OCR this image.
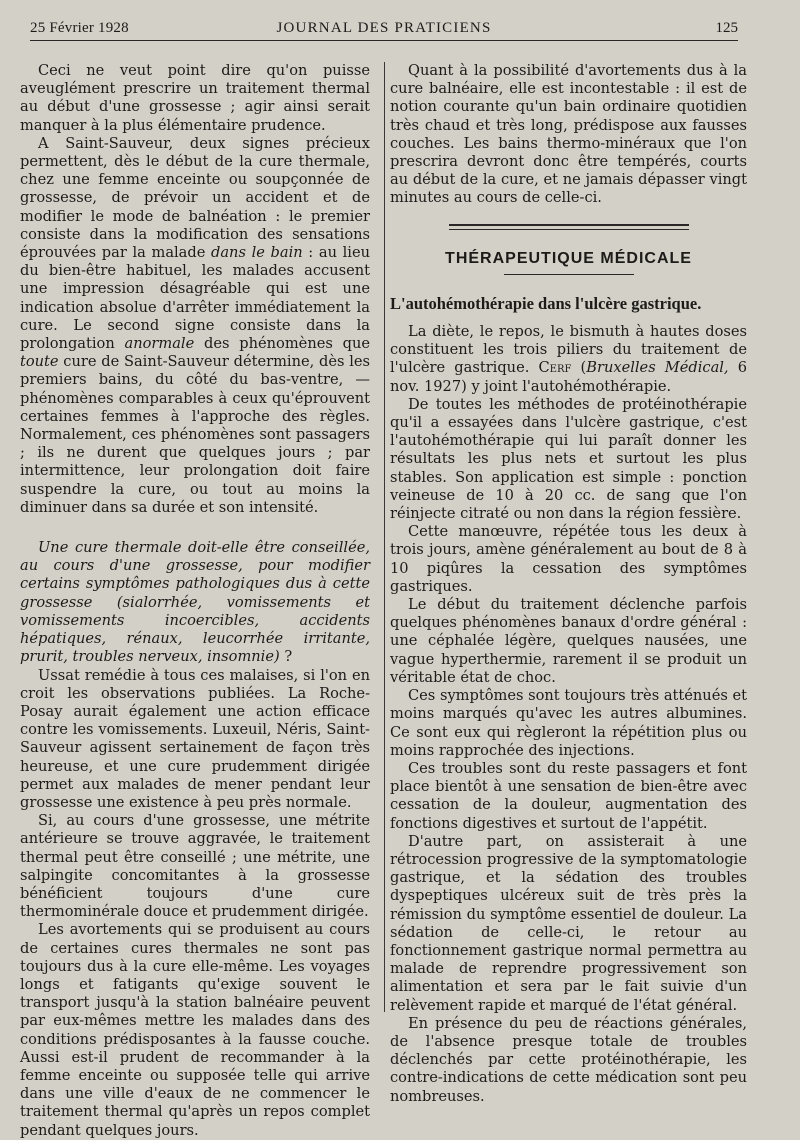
25 Février 1928	JOURNAL DES PRATICIENS	125

Ceci ne veut point dire qu'on puisse aveuglément prescrire un traitement thermal au début d'une grossesse ; agir ainsi serait manquer à la plus élémentaire prudence.

A Saint-Sauveur, deux signes précieux permettent, dès le début de la cure thermale, chez une femme enceinte ou soupçonnée de grossesse, de prévoir un accident et de modifier le mode de balnéation : le premier consiste dans la modification des sensations éprouvées par la malade dans le bain : au lieu du bien-être habituel, les malades accusent une impression désagréable qui est une indication absolue d'arrêter immédiatement la cure. Le second signe consiste dans la prolongation anormale des phénomènes que toute cure de Saint-Sauveur détermine, dès les premiers bains, du côté du bas-ventre, — phénomènes comparables à ceux qu'éprouvent certaines femmes à l'approche des règles. Normalement, ces phénomènes sont passagers ; ils ne durent que quelques jours ; par intermittence, leur prolongation doit faire suspendre la cure, ou tout au moins la diminuer dans sa durée et son intensité.

Une cure thermale doit-elle être conseillée, au cours d'une grossesse, pour modifier certains symptômes pathologiques dus à cette grossesse (sialorrhée, vomissements et vomissements incoercibles, accidents hépatiques, rénaux, leucorrhée irritante, prurit, troubles nerveux, insomnie) ?

Ussat remédie à tous ces malaises, si l'on en croit les observations publiées. La Roche-Posay aurait également une action efficace contre les vomissements. Luxeuil, Néris, Saint-Sauveur agissent sertainement de façon très heureuse, et une cure prudemment dirigée permet aux malades de mener pendant leur grossesse une existence à peu près normale.

Si, au cours d'une grossesse, une métrite antérieure se trouve aggravée, le traitement thermal peut être conseillé ; une métrite, une salpingite concomitantes à la grossesse bénéficient toujours d'une cure thermominérale douce et prudemment dirigée.

Les avortements qui se produisent au cours de certaines cures thermales ne sont pas toujours dus à la cure elle-même. Les voyages longs et fatigants qu'exige souvent le transport jusqu'à la station balnéaire peuvent par eux-mêmes mettre les malades dans des conditions prédisposantes à la fausse couche. Aussi est-il prudent de recommander à la femme enceinte ou supposée telle qui arrive dans une ville d'eaux de ne commencer le traitement thermal qu'après un repos complet pendant quelques jours.

Quant à la possibilité d'avortements dus à la cure balnéaire, elle est incontestable : il est de notion courante qu'un bain ordinaire quotidien très chaud et très long, prédispose aux fausses couches. Les bains thermo-minéraux que l'on prescrira devront donc être tempérés, courts au début de la cure, et ne jamais dépasser vingt minutes au cours de celle-ci.

THÉRAPEUTIQUE MÉDICALE
L'autohémothérapie dans l'ulcère gastrique.

La diète, le repos, le bismuth à hautes doses constituent les trois piliers du traitement de l'ulcère gastrique. Cerf (Bruxelles Médical, 6 nov. 1927) y joint l'autohémothérapie.

De toutes les méthodes de protéinothérapie qu'il a essayées dans l'ulcère gastrique, c'est l'autohémothérapie qui lui paraît donner les résultats les plus nets et surtout les plus stables. Son application est simple : ponction veineuse de 10 à 20 cc. de sang que l'on réinjecte citraté ou non dans la région fessière.

Cette manœuvre, répétée tous les deux à trois jours, amène généralement au bout de 8 à 10 piqûres la cessation des symptômes gastriques.

Le début du traitement déclenche parfois quelques phénomènes banaux d'ordre général : une céphalée légère, quelques nausées, une vague hyperthermie, rarement il se produit un véritable état de choc.

Ces symptômes sont toujours très atténués et moins marqués qu'avec les autres albumines. Ce sont eux qui règleront la répétition plus ou moins rapprochée des injections.

Ces troubles sont du reste passagers et font place bientôt à une sensation de bien-être avec cessation de la douleur, augmentation des fonctions digestives et surtout de l'appétit.

D'autre part, on assisterait à une rétrocession progressive de la symptomatologie gastrique, et la sédation des troubles dyspeptiques ulcéreux suit de très près la rémission du symptôme essentiel de douleur. La sédation de celle-ci, le retour au fonctionnement gastrique normal permettra au malade de reprendre progressivement son alimentation et sera par le fait suivie d'un relèvement rapide et marqué de l'état général.

En présence du peu de réactions générales, de l'absence presque totale de troubles déclenchés par cette protéinothérapie, les contre-indications de cette médication sont peu nombreuses.
